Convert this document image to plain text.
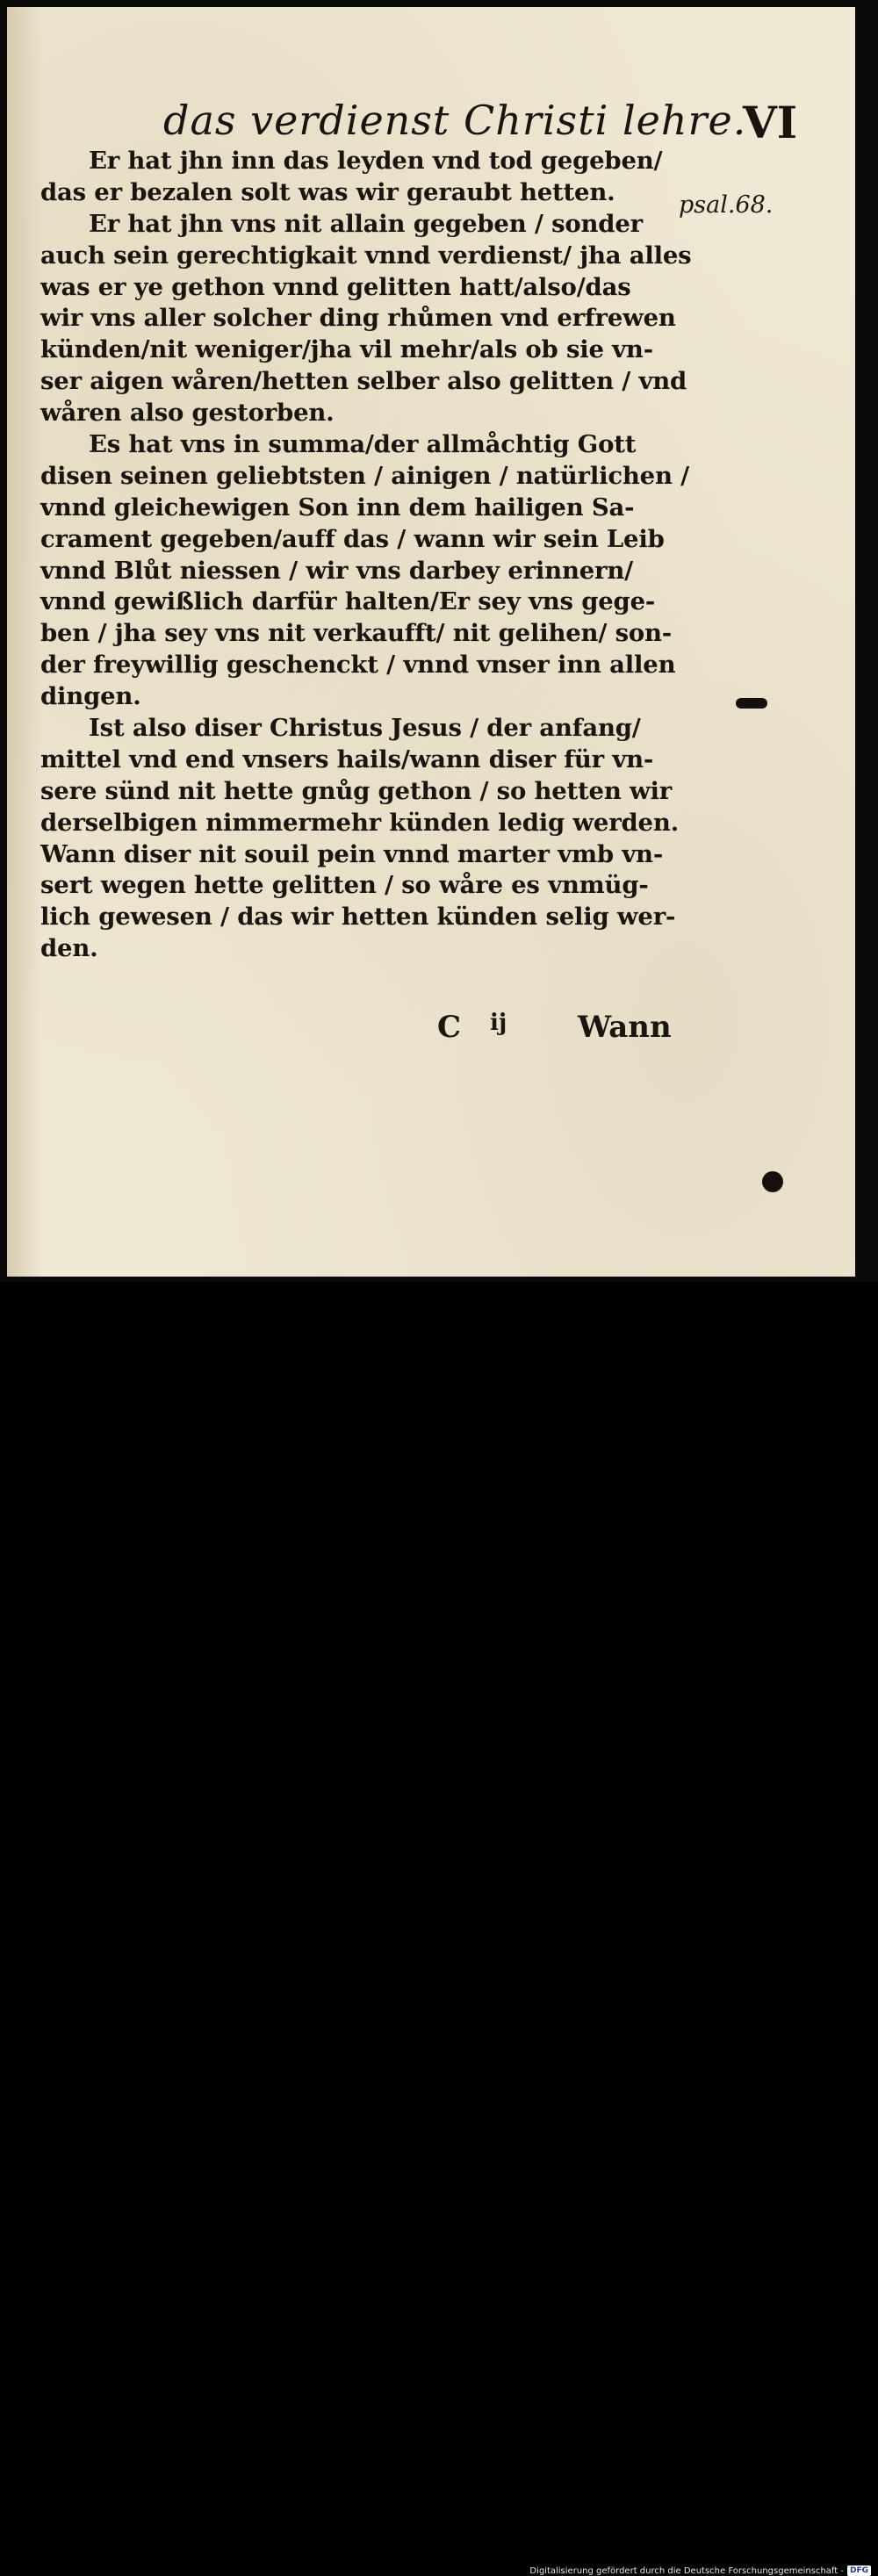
das verdienst Christi lehre.
VI
psal.68.
Er hat jhn inn das leyden vnd tod gegeben/
das er bezalen solt was wir geraubt hetten.
Er hat jhn vns nit allain gegeben / sonder
auch sein gerechtigkait vnnd verdienst/ jha alles
was er ye gethon vnnd gelitten hatt/also/das
wir vns aller solcher ding rhůmen vnd erfrewen
künden/nit weniger/jha vil mehr/als ob sie vn-
ser aigen wåren/hetten selber also gelitten / vnd
wåren also gestorben.
Es hat vns in summa/der allmåchtig Gott
disen seinen geliebtsten / ainigen / natürlichen /
vnnd gleichewigen Son inn dem hailigen Sa-
crament gegeben/auff das / wann wir sein Leib
vnnd Blůt niessen / wir vns darbey erinnern/
vnnd gewißlich darfür halten/Er sey vns gege-
ben / jha sey vns nit verkaufft/ nit gelihen/ son-
der freywillig geschenckt / vnnd vnser inn allen
dingen.
Ist also diser Christus Jesus / der anfang/
mittel vnd end vnsers hails/wann diser für vn-
sere sünd nit hette gnůg gethon / so hetten wir
derselbigen nimmermehr künden ledig werden.
Wann diser nit souil pein vnnd marter vmb vn-
sert wegen hette gelitten / so wåre es vnmüg-
lich gewesen / das wir hetten künden selig wer-
den.
C ij Wann
Digitalisierung gefördert durch die Deutsche Forschungsgemeinschaft - DFG
